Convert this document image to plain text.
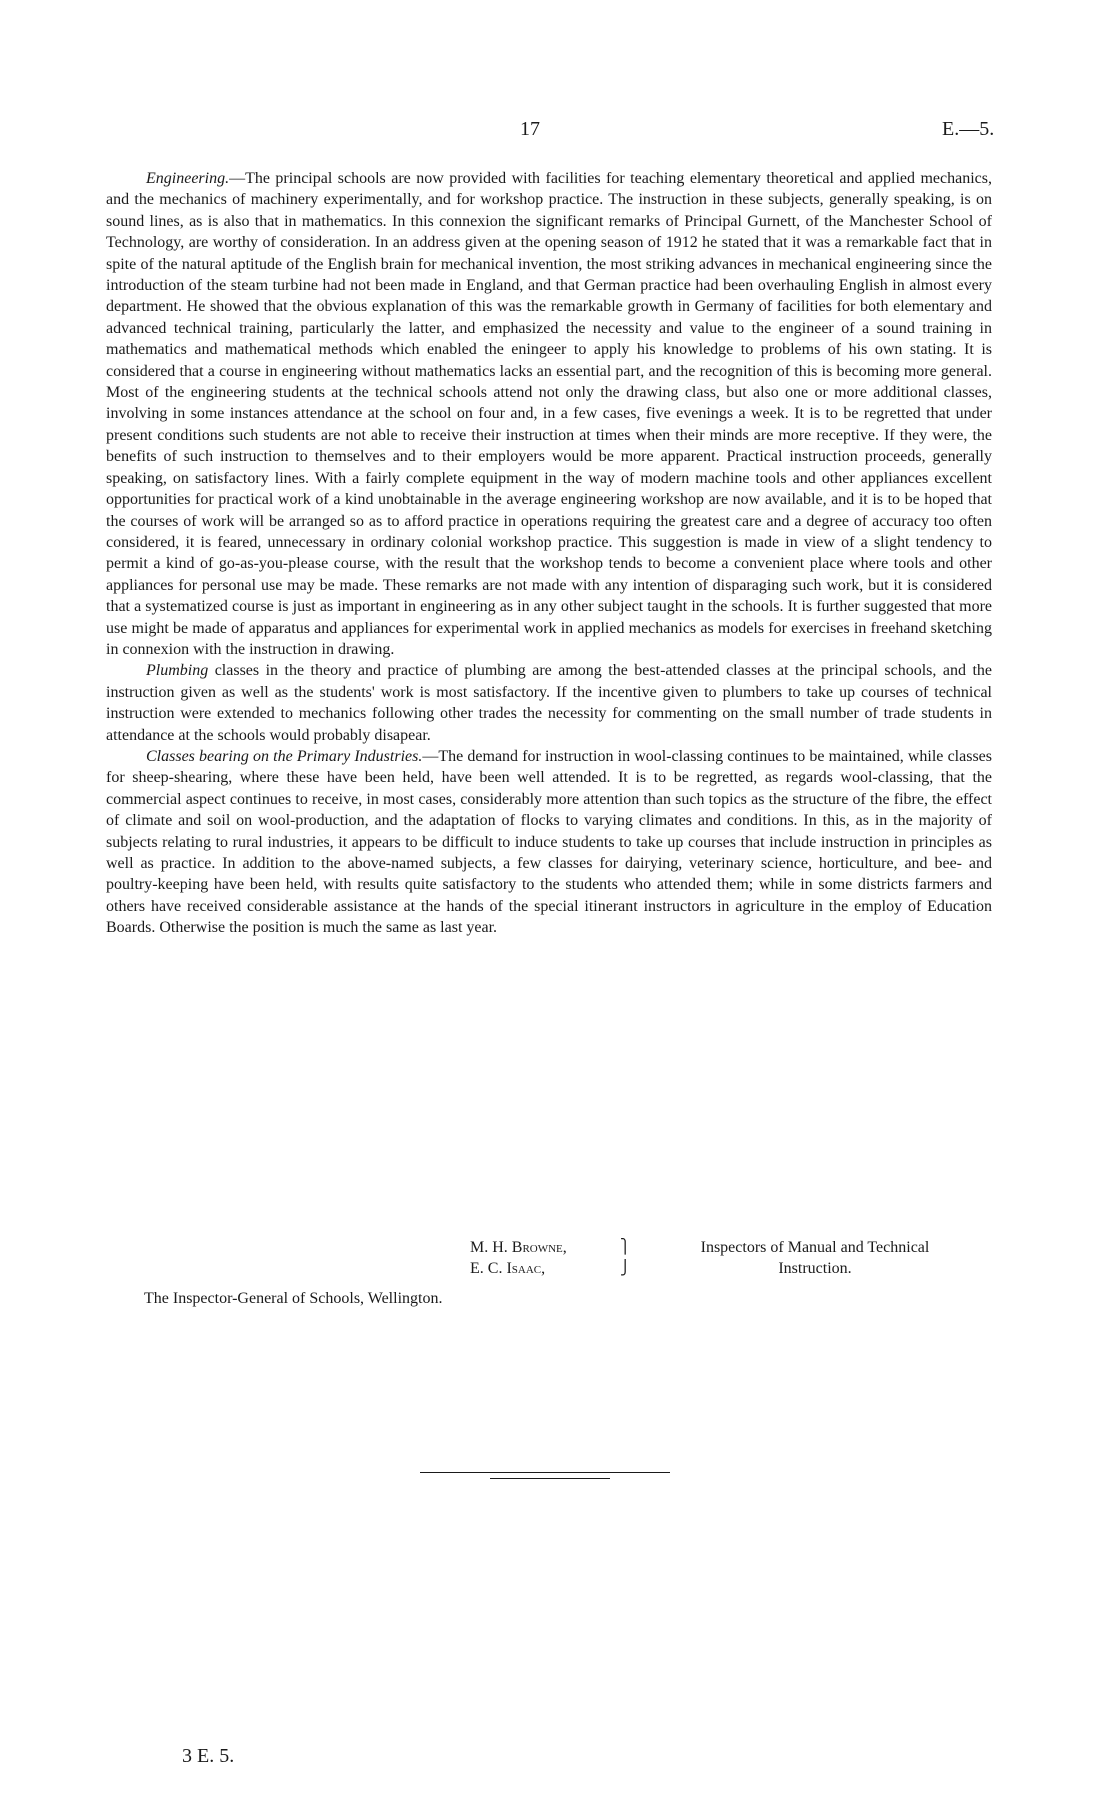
17	E.—5.

Engineering.—The principal schools are now provided with facilities for teaching elementary theoretical and applied mechanics, and the mechanics of machinery experimentally, and for workshop practice. The instruction in these subjects, generally speaking, is on sound lines, as is also that in mathematics. In this connexion the significant remarks of Principal Gurnett, of the Manchester School of Technology, are worthy of consideration. In an address given at the opening season of 1912 he stated that it was a remarkable fact that in spite of the natural aptitude of the English brain for mechanical invention, the most striking advances in mechanical engineering since the introduction of the steam turbine had not been made in England, and that German practice had been overhauling English in almost every department. He showed that the obvious explanation of this was the remarkable growth in Germany of facilities for both elementary and advanced technical training, particularly the latter, and emphasized the necessity and value to the engineer of a sound training in mathematics and mathematical methods which enabled the eningeer to apply his knowledge to problems of his own stating. It is considered that a course in engineering without mathematics lacks an essential part, and the recognition of this is becoming more general. Most of the engineering students at the technical schools attend not only the drawing class, but also one or more additional classes, involving in some instances attendance at the school on four and, in a few cases, five evenings a week. It is to be regretted that under present conditions such students are not able to receive their instruction at times when their minds are more receptive. If they were, the benefits of such instruction to themselves and to their employers would be more apparent. Practical instruction proceeds, generally speaking, on satisfactory lines. With a fairly complete equipment in the way of modern machine tools and other appliances excellent opportunities for practical work of a kind unobtainable in the average engineering workshop are now available, and it is to be hoped that the courses of work will be arranged so as to afford practice in operations requiring the greatest care and a degree of accuracy too often considered, it is feared, unnecessary in ordinary colonial workshop practice. This suggestion is made in view of a slight tendency to permit a kind of go-as-you-please course, with the result that the workshop tends to become a convenient place where tools and other appliances for personal use may be made. These remarks are not made with any intention of disparaging such work, but it is considered that a systematized course is just as important in engineering as in any other subject taught in the schools. It is further suggested that more use might be made of apparatus and appliances for experimental work in applied mechanics as models for exercises in freehand sketching in connexion with the instruction in drawing.

Plumbing classes in the theory and practice of plumbing are among the best-attended classes at the principal schools, and the instruction given as well as the students' work is most satisfactory. If the incentive given to plumbers to take up courses of technical instruction were extended to mechanics following other trades the necessity for commenting on the small number of trade students in attendance at the schools would probably disapear.

Classes bearing on the Primary Industries.—The demand for instruction in wool-classing continues to be maintained, while classes for sheep-shearing, where these have been held, have been well attended. It is to be regretted, as regards wool-classing, that the commercial aspect continues to receive, in most cases, considerably more attention than such topics as the structure of the fibre, the effect of climate and soil on wool-production, and the adaptation of flocks to varying climates and conditions. In this, as in the majority of subjects relating to rural industries, it appears to be difficult to induce students to take up courses that include instruction in principles as well as practice. In addition to the above-named subjects, a few classes for dairying, veterinary science, horticulture, and bee- and poultry-keeping have been held, with results quite satisfactory to the students who attended them; while in some districts farmers and others have received considerable assistance at the hands of the special itinerant instructors in agriculture in the employ of Education Boards. Otherwise the position is much the same as last year.

M. H. Browne,	⎫	Inspectors of Manual and Technical
E. C. Isaac,	⎭	Instruction.
The Inspector-General of Schools, Wellington.
3 E. 5.
